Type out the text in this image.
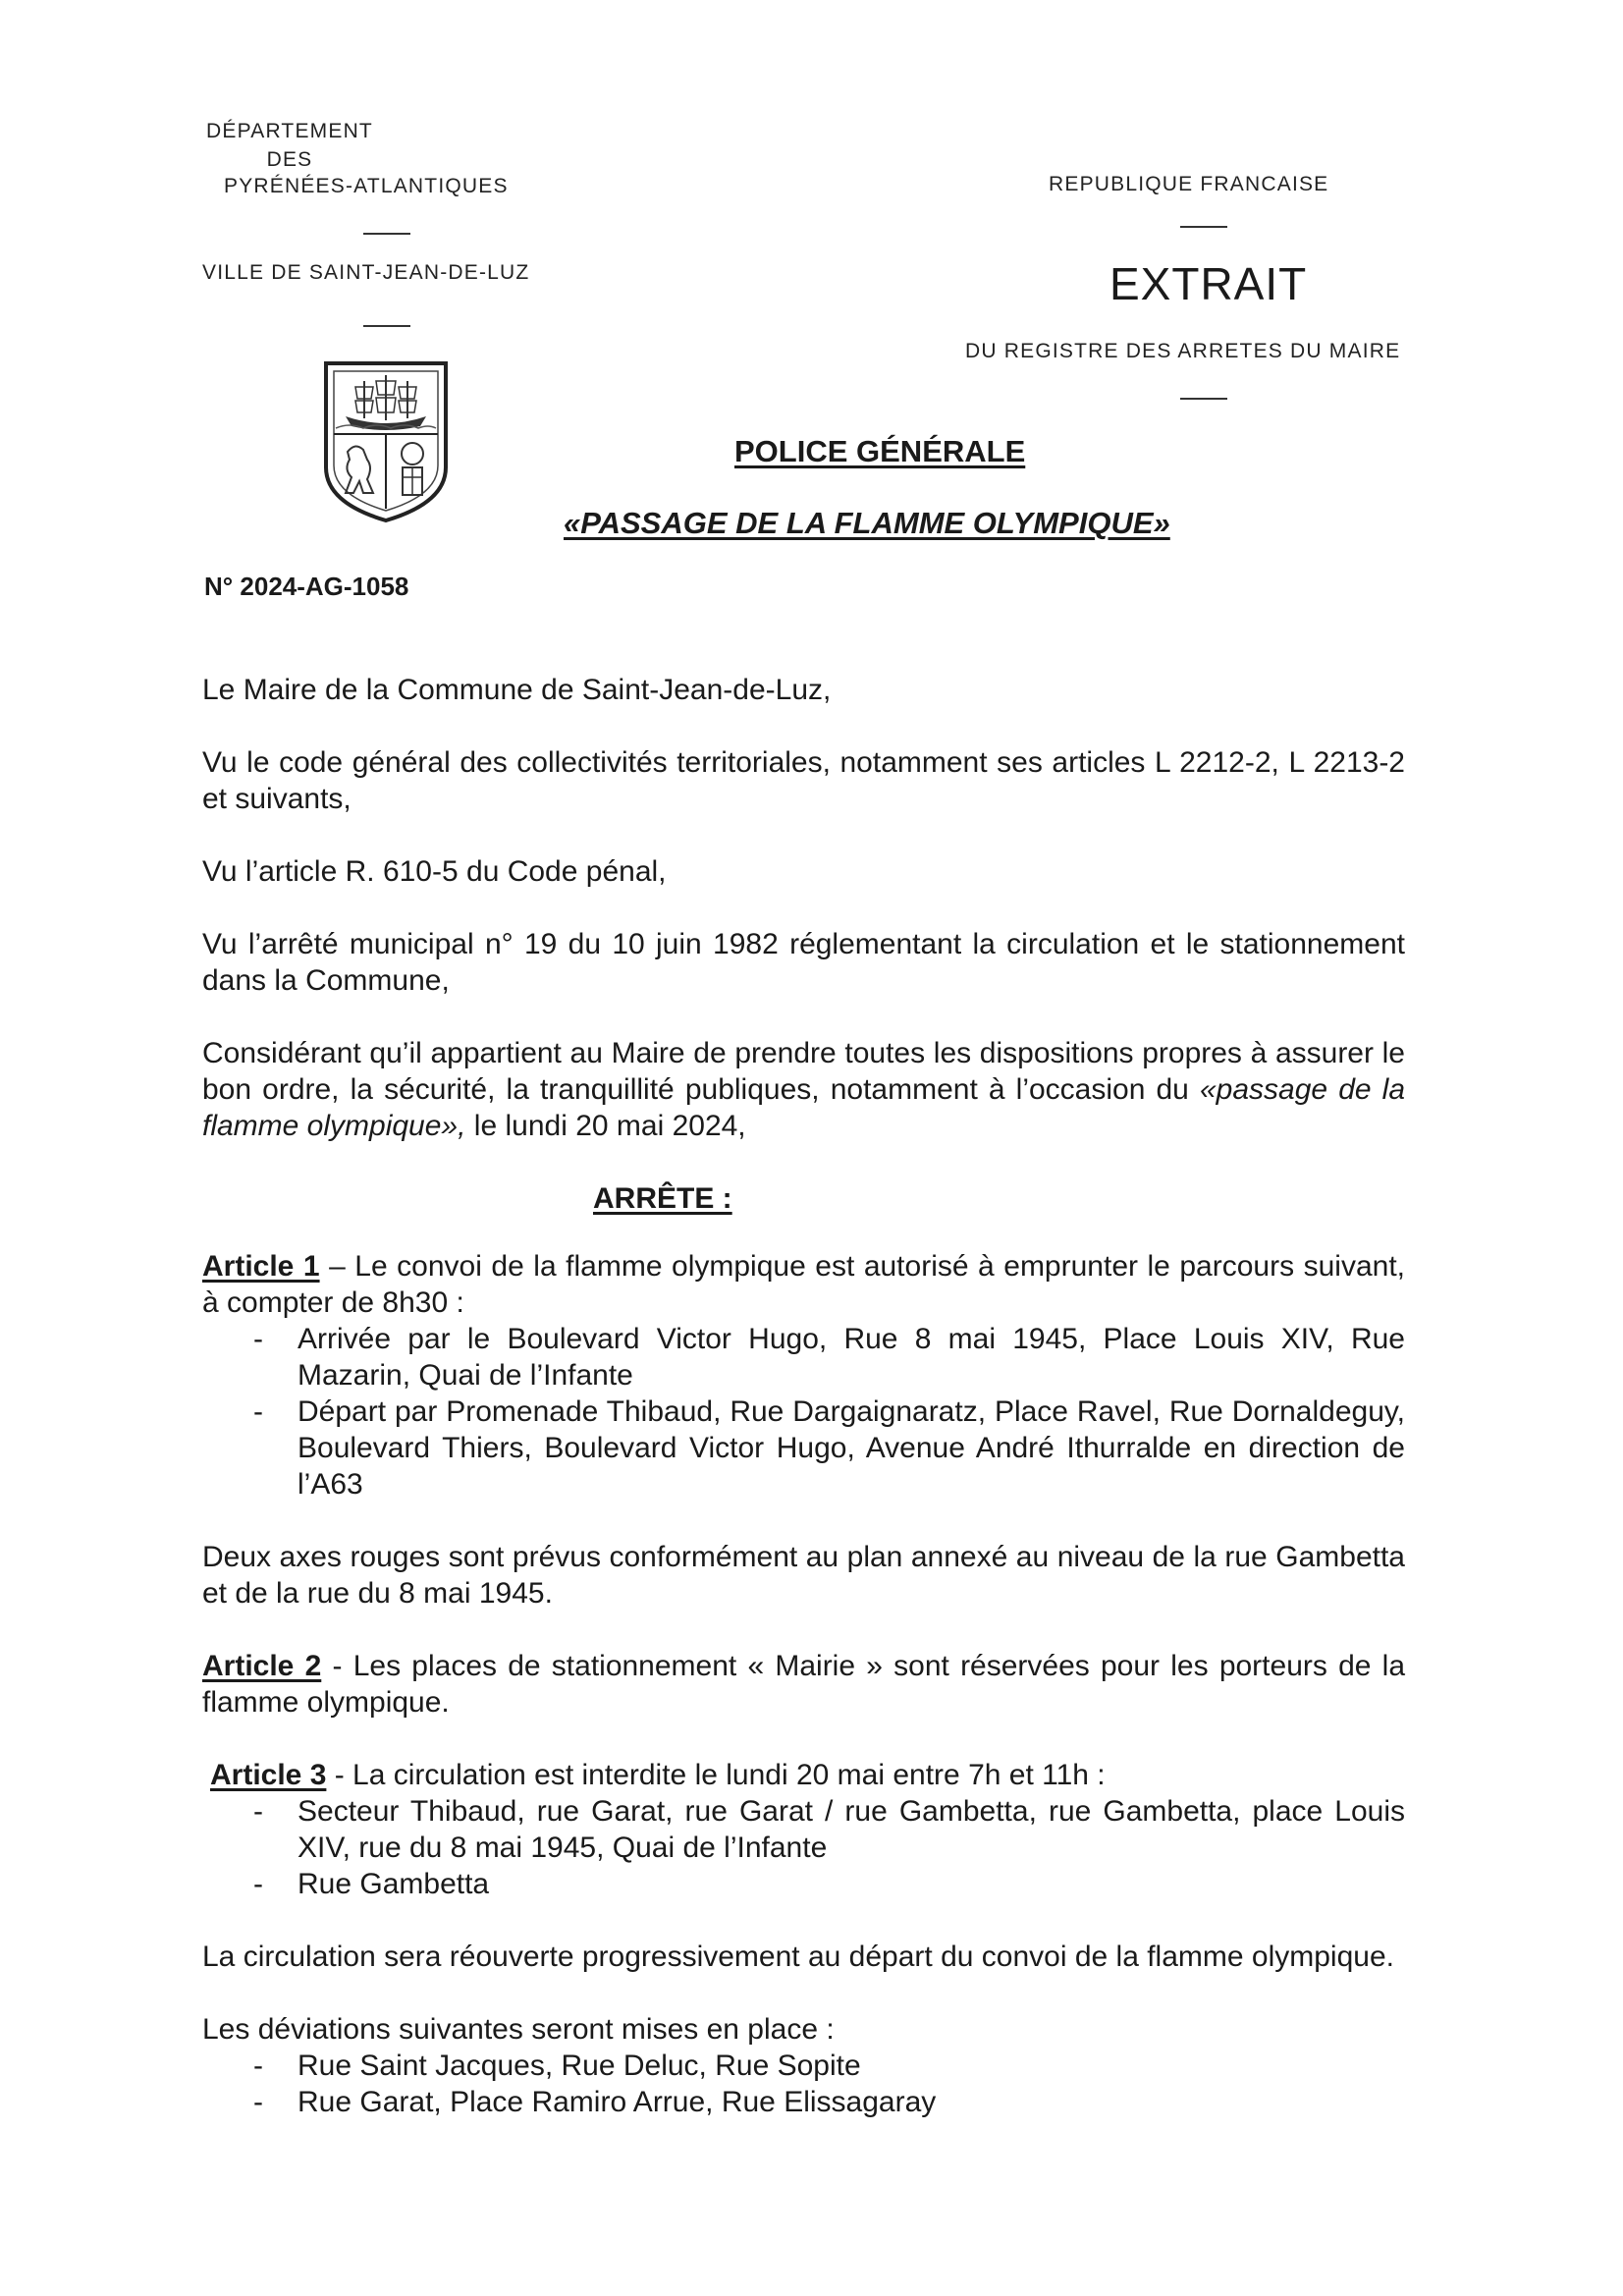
DÉPARTEMENT
DES
PYRÉNÉES-ATLANTIQUES
VILLE DE SAINT-JEAN-DE-LUZ
REPUBLIQUE FRANCAISE
EXTRAIT
DU REGISTRE DES ARRETES DU MAIRE
POLICE GÉNÉRALE
«PASSAGE DE LA FLAMME OLYMPIQUE»
N° 2024-AG-1058

Le Maire de la Commune de Saint-Jean-de-Luz,

Vu le code général des collectivités territoriales, notamment ses articles L 2212-2, L 2213-2 et suivants,

Vu l’article R. 610-5 du Code pénal,

Vu l’arrêté municipal n° 19 du 10 juin 1982 réglementant la circulation et le stationnement dans la Commune,

Considérant qu’il appartient au Maire de prendre toutes les dispositions propres à assurer le bon ordre, la sécurité, la tranquillité publiques, notamment à l’occasion du «passage de la flamme olympique», le lundi 20 mai 2024,

ARRÊTE :

Article 1 – Le convoi de la flamme olympique est autorisé à emprunter le parcours suivant, à compter de 8h30 :

- Arrivée par le Boulevard Victor Hugo, Rue 8 mai 1945, Place Louis XIV, Rue Mazarin, Quai de l’Infante
- Départ par Promenade Thibaud, Rue Dargaignaratz, Place Ravel, Rue Dornaldeguy, Boulevard Thiers, Boulevard Victor Hugo, Avenue André Ithurralde en direction de l’A63

Deux axes rouges sont prévus conformément au plan annexé au niveau de la rue Gambetta et de la rue du 8 mai 1945.

Article 2 - Les places de stationnement « Mairie » sont réservées pour les porteurs de la flamme olympique.

Article 3 - La circulation est interdite le lundi 20 mai entre 7h et 11h :

- Secteur Thibaud, rue Garat, rue Garat / rue Gambetta, rue Gambetta, place Louis XIV, rue du 8 mai 1945, Quai de l’Infante
- Rue Gambetta

La circulation sera réouverte progressivement au départ du convoi de la flamme olympique.

Les déviations suivantes seront mises en place :

- Rue Saint Jacques, Rue Deluc, Rue Sopite
- Rue Garat, Place Ramiro Arrue, Rue Elissagaray
